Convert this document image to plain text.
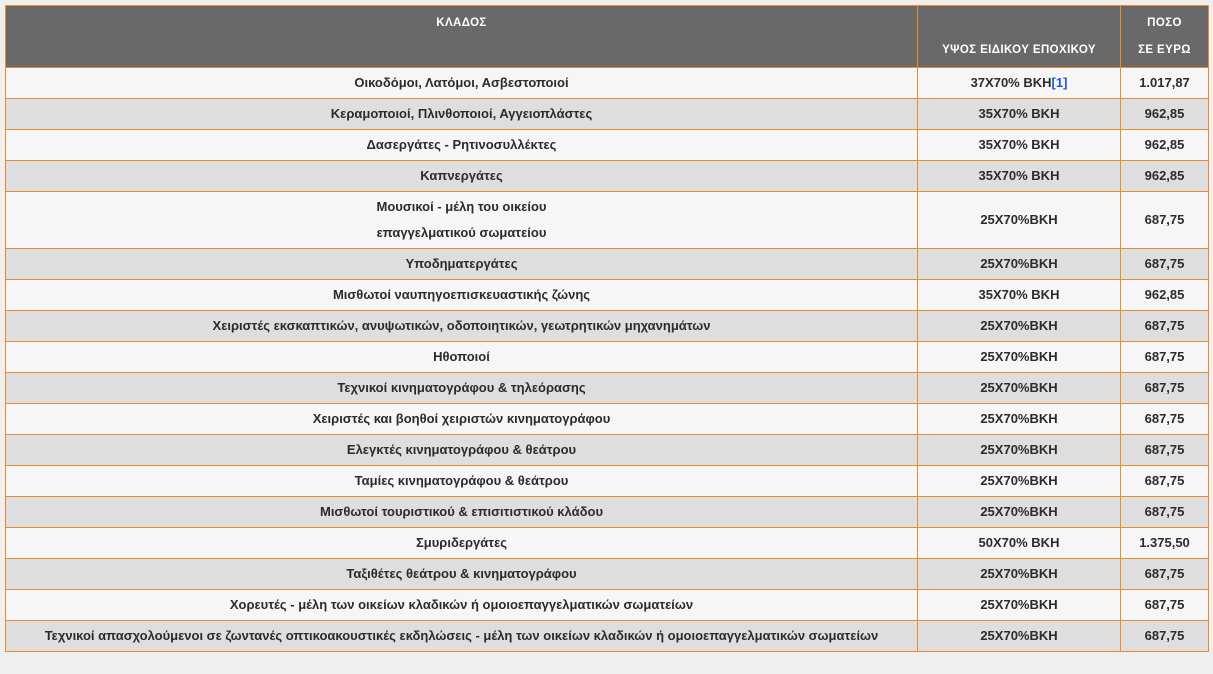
ΚΛΑΔΟΣ	ΥΨΟΣ ΕΙΔΙΚΟΥ ΕΠΟΧΙΚΟΥ	ΠΟΣΟ
ΣΕ ΕΥΡΩ

Οικοδόμοι, Λατόμοι, Ασβεστοποιοί	37X70% ΒΚΗ[1]	1.017,87

Κεραμοποιοί, Πλινθοποιοί, Αγγειοπλάστες	35X70% ΒΚΗ	962,85

Δασεργάτες - Ρητινοσυλλέκτες	35X70% ΒΚΗ	962,85

Καπνεργάτες	35X70% ΒΚΗ	962,85

Μουσικοί - μέλη του οικείου
επαγγελματικού σωματείου	25X70%ΒΚΗ	687,75

Υποδηματεργάτες	25X70%ΒΚΗ	687,75

Μισθωτοί ναυπηγοεπισκευαστικής ζώνης	35X70% ΒΚΗ	962,85

Χειριστές εκσκαπτικών, ανυψωτικών, οδοποιητικών, γεωτρητικών μηχανημάτων	25X70%ΒΚΗ	687,75

Ηθοποιοί	25X70%ΒΚΗ	687,75

Τεχνικοί κινηματογράφου & τηλεόρασης	25X70%ΒΚΗ	687,75

Χειριστές και βοηθοί χειριστών κινηματογράφου	25X70%ΒΚΗ	687,75

Ελεγκτές κινηματογράφου & θεάτρου	25X70%ΒΚΗ	687,75

Ταμίες κινηματογράφου & θεάτρου	25X70%ΒΚΗ	687,75

Μισθωτοί τουριστικού & επισιτιστικού κλάδου	25X70%ΒΚΗ	687,75

Σμυριδεργάτες	50X70% ΒΚΗ	1.375,50

Ταξιθέτες θεάτρου & κινηματογράφου	25X70%ΒΚΗ	687,75

Χορευτές - μέλη των οικείων κλαδικών ή ομοιοεπαγγελματικών σωματείων	25X70%ΒΚΗ	687,75

Τεχνικοί απασχολούμενοι σε ζωντανές οπτικοακουστικές εκδηλώσεις - μέλη των οικείων κλαδικών ή ομοιοεπαγγελματικών σωματείων	25X70%ΒΚΗ	687,75
